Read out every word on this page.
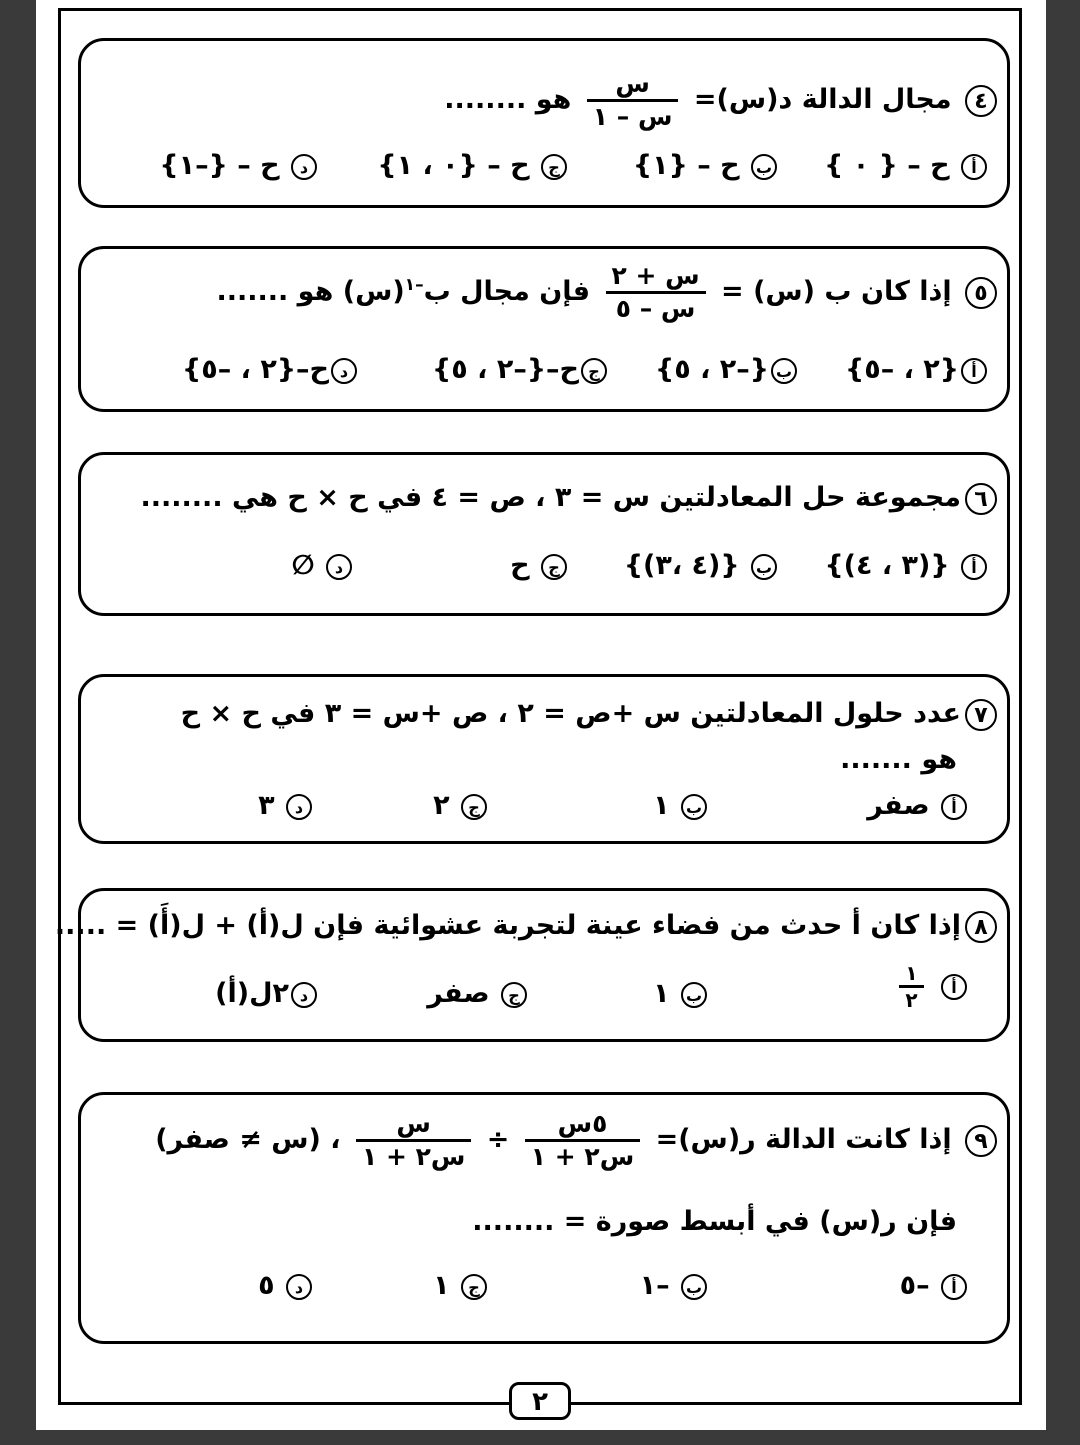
٤ مجال الدالة د(س)=
$\frac{\text{س}}{\text{س – ١}}$
هو ........
أ ح – { ٠ }
ب ح – {١}
ج ح – {٠ ، ١}
د ح – {–١}
٥ إذا كان ب (س) =
$\frac{\text{س + ٢}}{\text{س – ٥}}$
فإن مجال ب$^{-١}$(س) هو .......
أ{٢ ، –٥}
ب{–٢ ، ٥}
جح–{–٢ ، ٥}
دح–{٢ ، –٥}
٦مجموعة حل المعادلتين س = ٣ ، ص = ٤ في ح × ح هي ........
أ {(٣ ، ٤)}
ب {(٤ ،٣)}
ج ح
د ∅
٧عدد حلول المعادلتين س +ص = ٢ ، ص +س = ٣ في ح × ح
هو .......
أ صفر
ب ١
ج ٢
د ٣
٨إذا كان أ حدث من فضاء عينة لتجربة عشوائية فإن ل(أ) + ل(أَ) = .....
أ
$\frac{١}{٢}$
ب ١
ج صفر
د٢ل(أ)
٩ إذا كانت الدالة ر(س)=
$\frac{\text{٥س}}{\text{س٢ + ١}}$
÷
$\frac{\text{س}}{\text{س٢ + ١}}$
، (س ≠ صفر)
فإن ر(س) في أبسط صورة = ........
أ –٥
ب –١
ج ١
د ٥
٢
